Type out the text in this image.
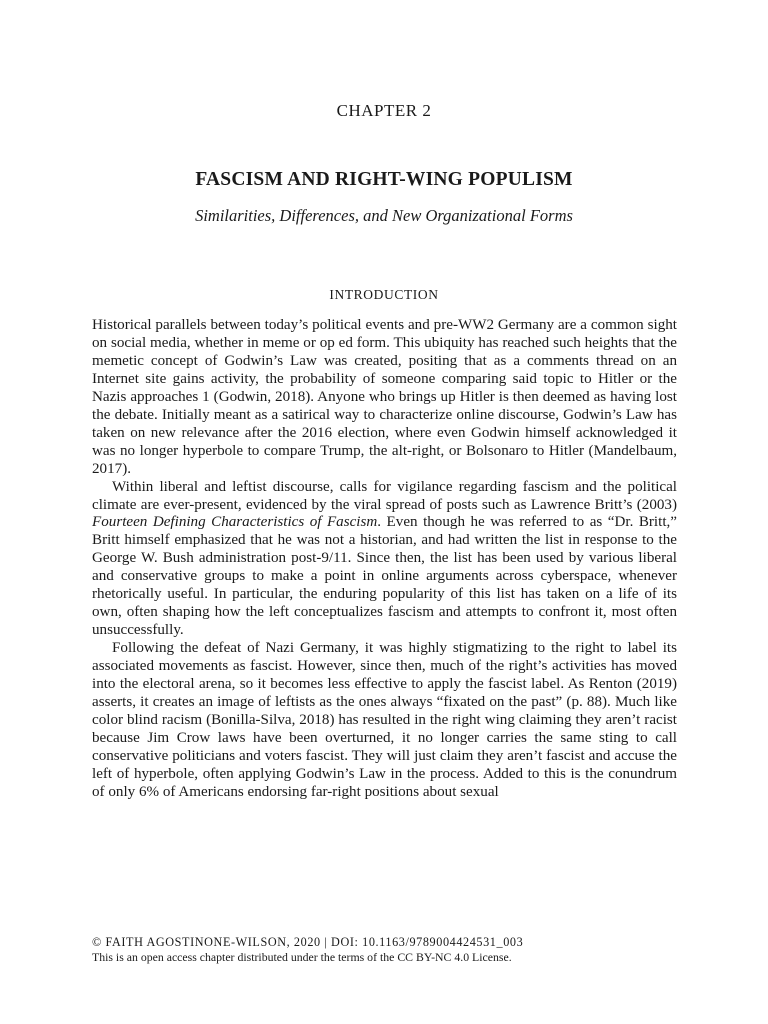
CHAPTER 2
FASCISM AND RIGHT-WING POPULISM
Similarities, Differences, and New Organizational Forms
INTRODUCTION

Historical parallels between today’s political events and pre-WW2 Germany are a common sight on social media, whether in meme or op ed form. This ubiquity has reached such heights that the memetic concept of Godwin’s Law was created, positing that as a comments thread on an Internet site gains activity, the probability of someone comparing said topic to Hitler or the Nazis approaches 1 (Godwin, 2018). Anyone who brings up Hitler is then deemed as having lost the debate. Initially meant as a satirical way to characterize online discourse, Godwin’s Law has taken on new relevance after the 2016 election, where even Godwin himself acknowledged it was no longer hyperbole to compare Trump, the alt-right, or Bolsonaro to Hitler (Mandelbaum, 2017).

Within liberal and leftist discourse, calls for vigilance regarding fascism and the political climate are ever-present, evidenced by the viral spread of posts such as Lawrence Britt’s (2003) Fourteen Defining Characteristics of Fascism. Even though he was referred to as “Dr. Britt,” Britt himself emphasized that he was not a historian, and had written the list in response to the George W. Bush administration post-9/11. Since then, the list has been used by various liberal and conservative groups to make a point in online arguments across cyberspace, whenever rhetorically useful. In particular, the enduring popularity of this list has taken on a life of its own, often shaping how the left conceptualizes fascism and attempts to confront it, most often unsuccessfully.

Following the defeat of Nazi Germany, it was highly stigmatizing to the right to label its associated movements as fascist. However, since then, much of the right’s activities has moved into the electoral arena, so it becomes less effective to apply the fascist label. As Renton (2019) asserts, it creates an image of leftists as the ones always “fixated on the past” (p. 88). Much like color blind racism (Bonilla-Silva, 2018) has resulted in the right wing claiming they aren’t racist because Jim Crow laws have been overturned, it no longer carries the same sting to call conservative politicians and voters fascist. They will just claim they aren’t fascist and accuse the left of hyperbole, often applying Godwin’s Law in the process. Added to this is the conundrum of only 6% of Americans endorsing far-right positions about sexual

© FAITH AGOSTINONE-WILSON, 2020 | DOI: 10.1163/9789004424531_003
This is an open access chapter distributed under the terms of the CC BY-NC 4.0 License.
